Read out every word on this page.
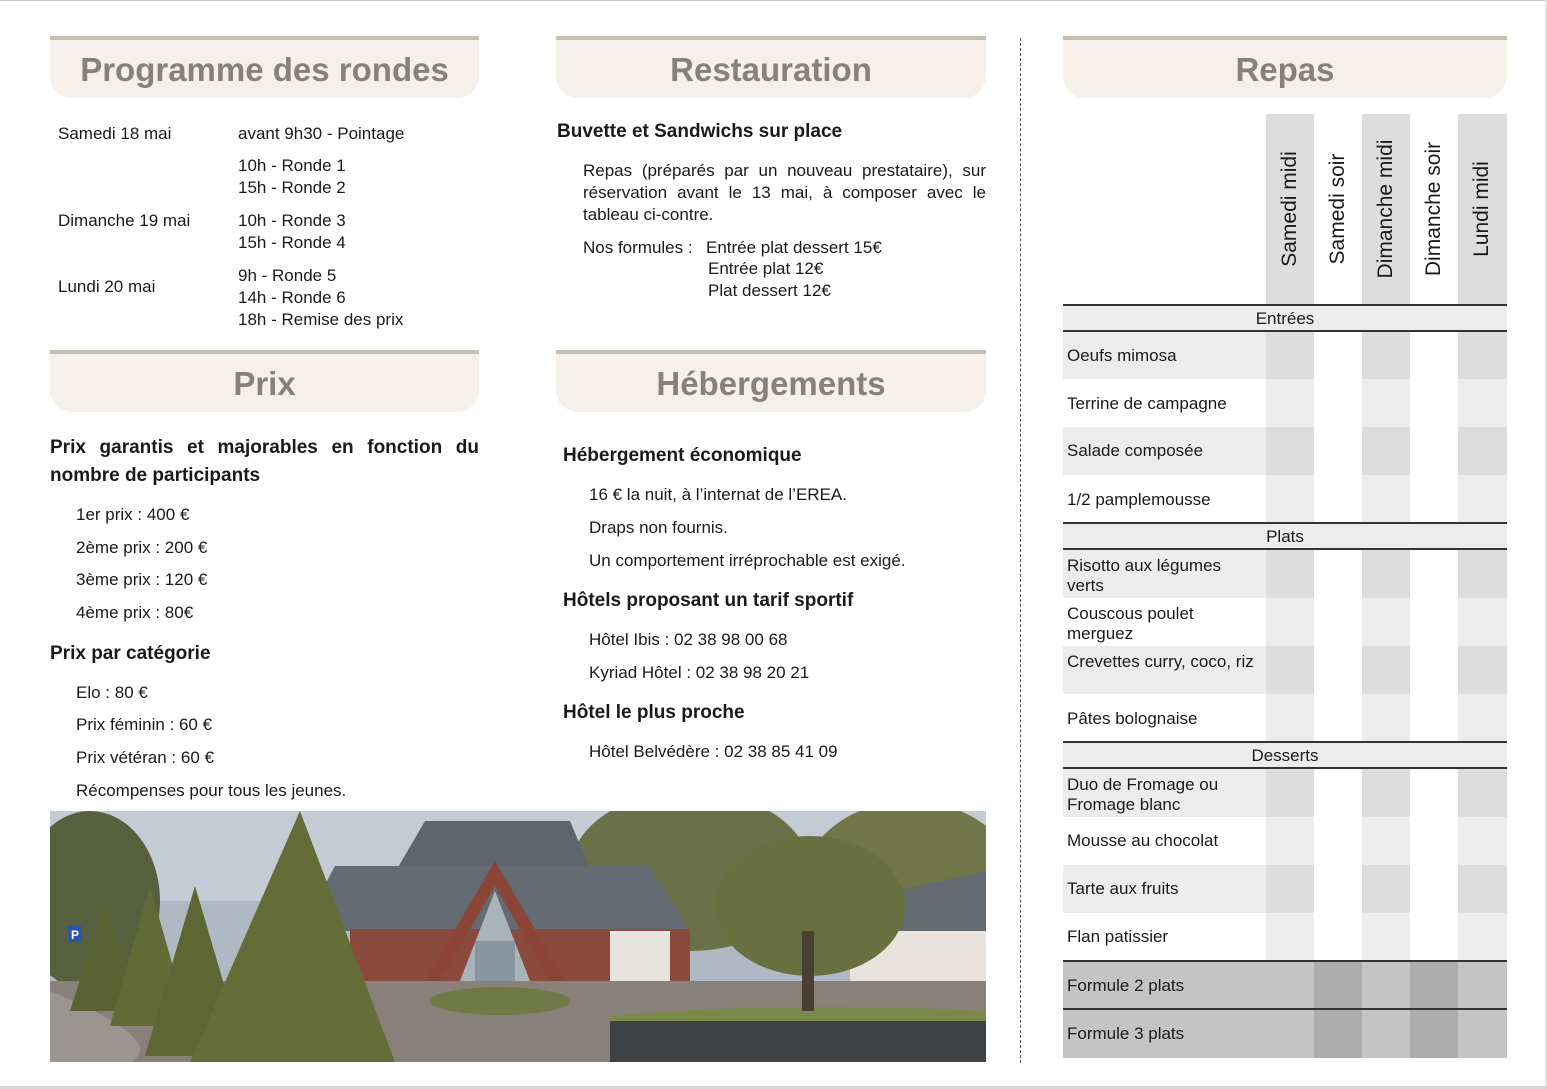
Programme des rondes
Samedi 18 mai	avant 9h30 - Pointage
10h - Ronde 1
15h - Ronde 2
Dimanche 19 mai	10h - Ronde 3
15h - Ronde 4
Lundi 20 mai
9h - Ronde 5
14h - Ronde 6
18h - Remise des prix
Restauration
Buvette et Sandwichs sur place
Repas (préparés par un nouveau prestataire), sur
réservation avant le 13 mai, à composer avec le
tableau ci-contre.
Nos formules : Entrée plat dessert 15€
Entrée plat 12€
Plat dessert 12€
Prix
Prix garantis et majorables en fonction du
nombre de participants
1er prix : 400 €
2ème prix : 200 €
3ème prix : 120 €
4ème prix : 80€
Prix par catégorie
Elo : 80 €
Prix féminin : 60 €
Prix vétéran : 60 €
Récompenses pour tous les jeunes.
Hébergements
Hébergement économique
16 € la nuit, à l’internat de l’EREA.
Draps non fournis.
Un comportement irréprochable est exigé.
Hôtels proposant un tarif sportif
Hôtel Ibis : 02 38 98 00 68
Kyriad Hôtel : 02 38 98 20 21
Hôtel le plus proche
Hôtel Belvédère : 02 38 85 41 09
P
Repas
Samedi midi Samedi soir Dimanche midi Dimanche soir Lundi midi
Entrées
Plats
Desserts
Oeufs mimosa
Terrine de campagne
Salade composée
1/2 pamplemousse
Risotto aux légumes verts
Couscous poulet merguez
Crevettes curry, coco, riz
Pâtes bolognaise
Duo de Fromage ou Fromage blanc
Mousse au chocolat
Tarte aux fruits
Flan patissier
Formule 2 plats
Formule 3 plats
